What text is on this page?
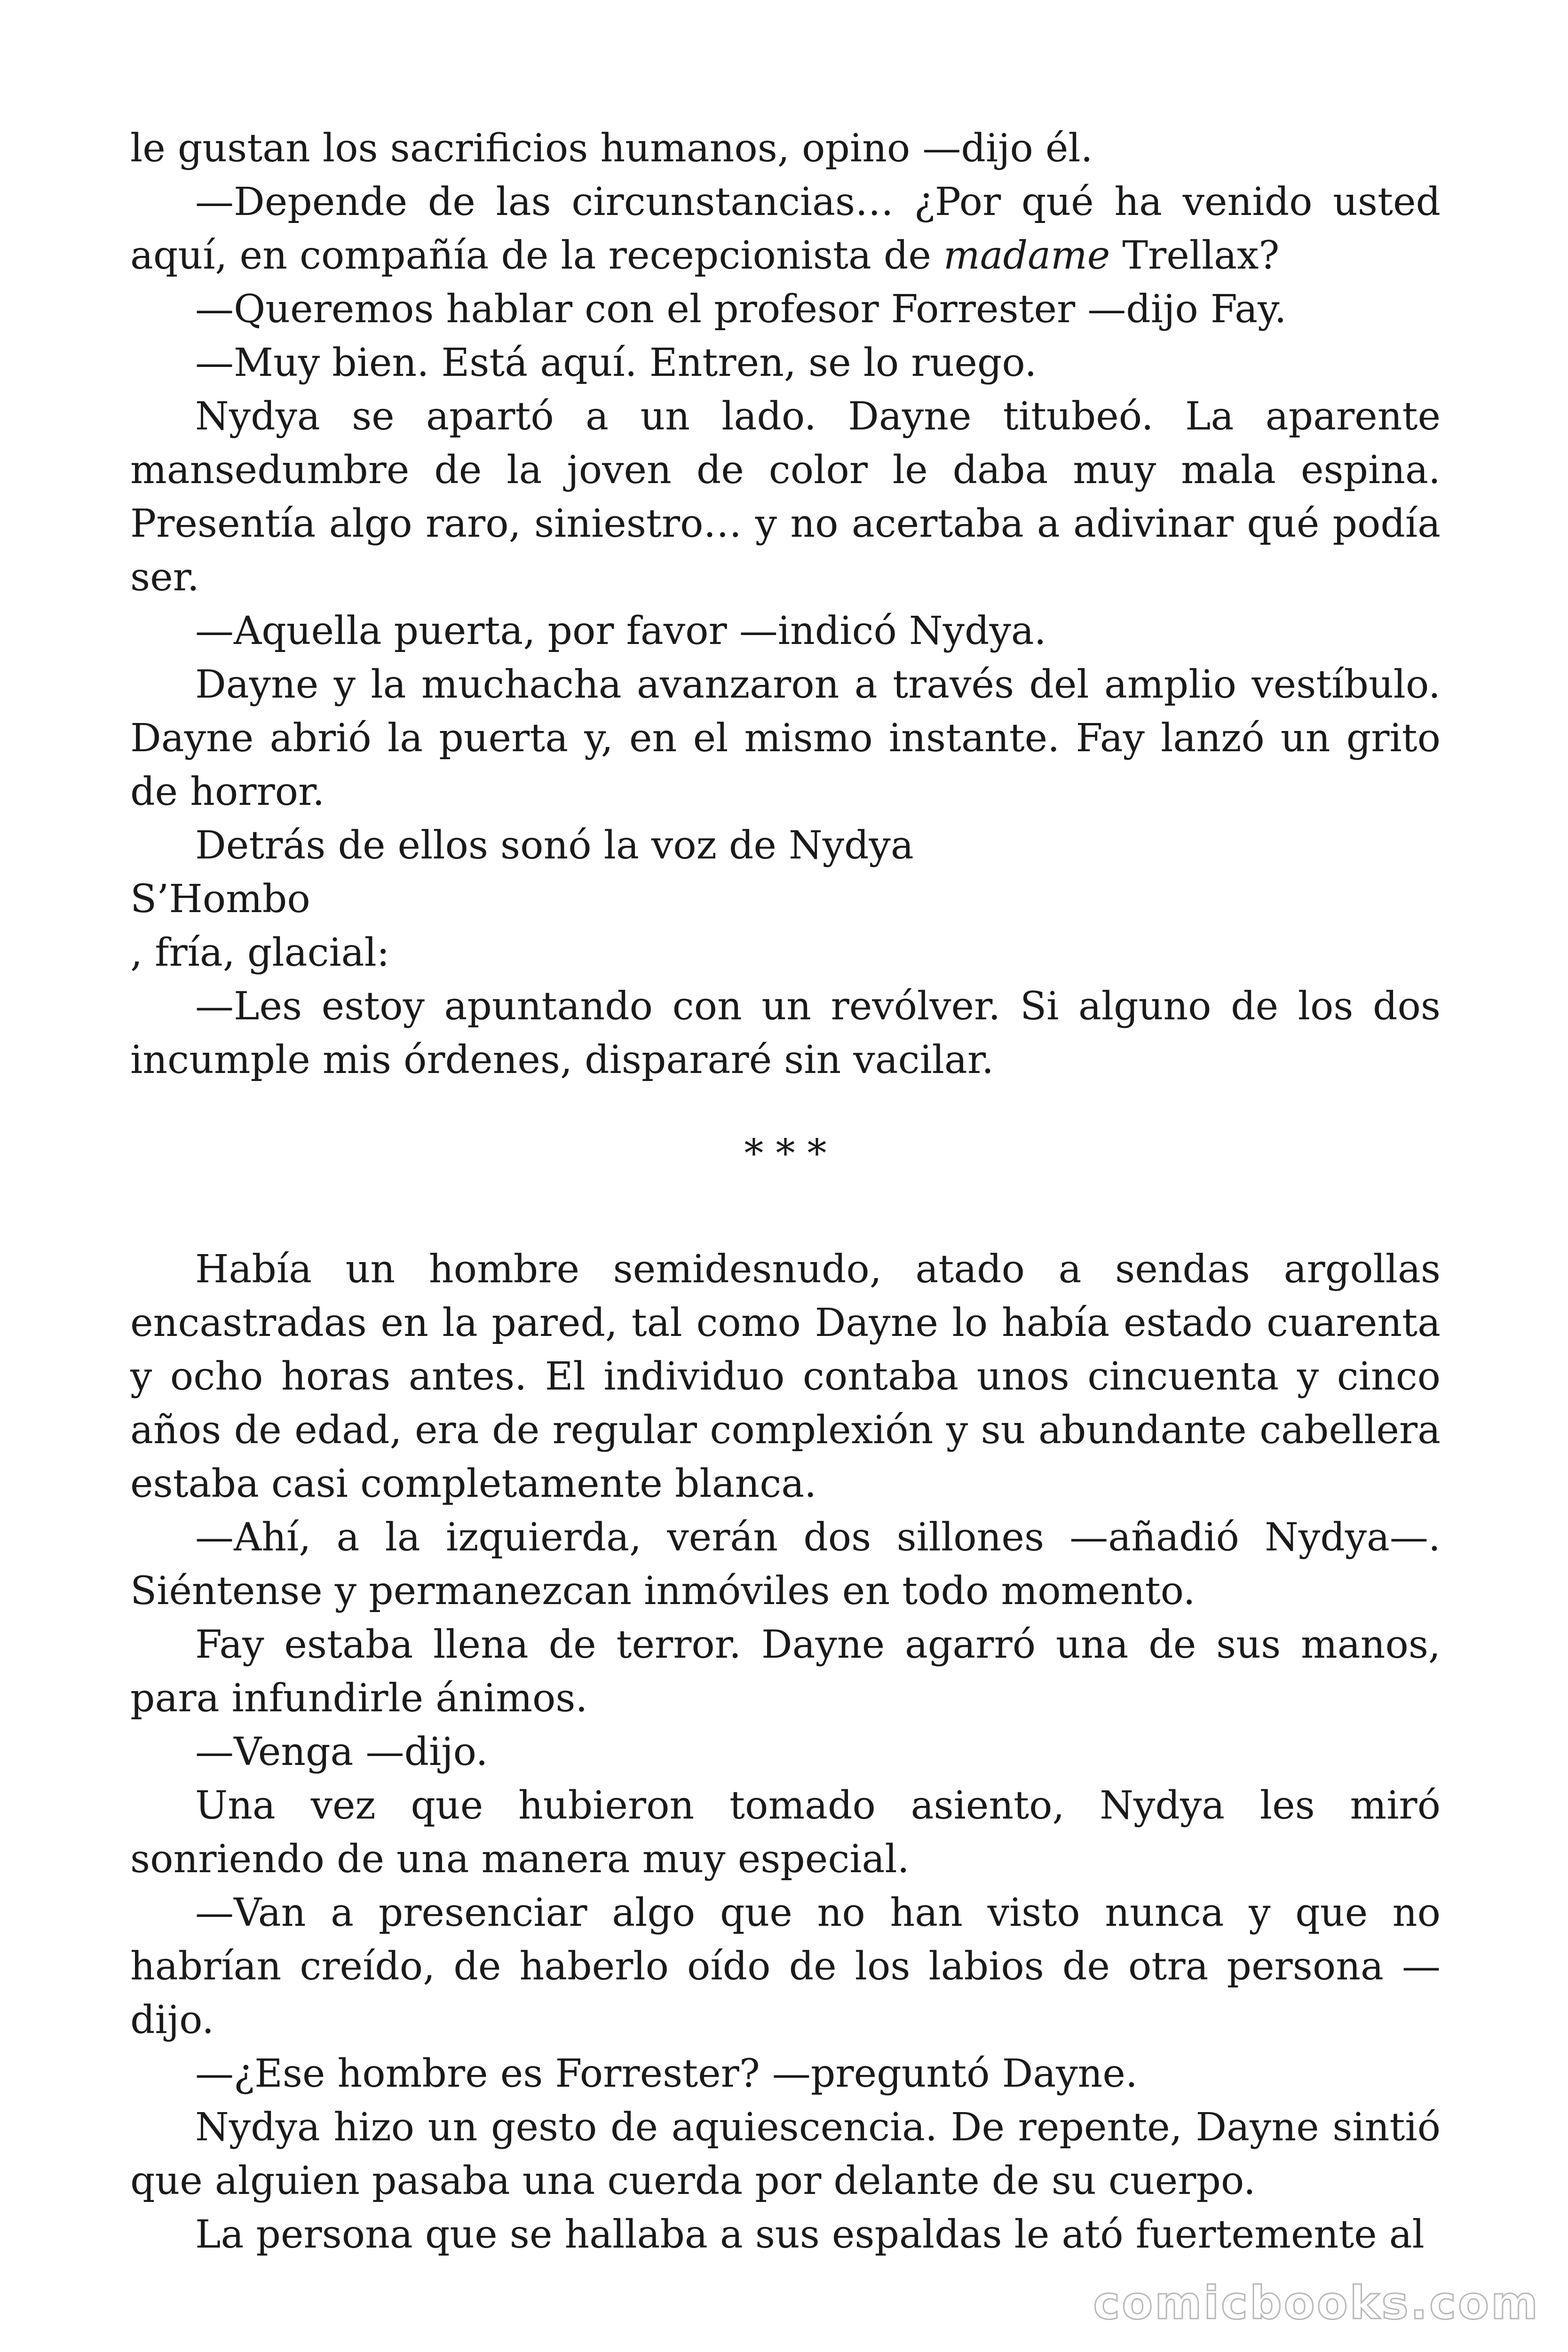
le gustan los sacrificios humanos, opino —dijo él.

—Depende de las circunstancias… ¿Por qué ha venido usted aquí, en compañía de la recepcionista de madame Trellax?

—Queremos hablar con el profesor Forrester —dijo Fay.

—Muy bien. Está aquí. Entren, se lo ruego.

Nydya se apartó a un lado. Dayne titubeó. La aparente mansedumbre de la joven de color le daba muy mala espina. Presentía algo raro, siniestro… y no acertaba a adivinar qué podía ser.

—Aquella puerta, por favor —indicó Nydya.

Dayne y la muchacha avanzaron a través del amplio vestíbulo. Dayne abrió la puerta y, en el mismo instante. Fay lanzó un grito de horror.

Detrás de ellos sonó la voz de Nydya

S’Hombo

, fría, glacial:

—Les estoy apuntando con un revólver. Si alguno de los dos incumple mis órdenes, dispararé sin vacilar.

* * *

Había un hombre semidesnudo, atado a sendas argollas encastradas en la pared, tal como Dayne lo había estado cuarenta y ocho horas antes. El individuo contaba unos cincuenta y cinco años de edad, era de regular complexión y su abundante cabellera estaba casi completamente blanca.

—Ahí, a la izquierda, verán dos sillones —añadió Nydya—. Siéntense y permanezcan inmóviles en todo momento.

Fay estaba llena de terror. Dayne agarró una de sus manos, para infundirle ánimos.

—Venga —dijo.

Una vez que hubieron tomado asiento, Nydya les miró sonriendo de una manera muy especial.

—Van a presenciar algo que no han visto nunca y que no habrían creído, de haberlo oído de los labios de otra persona —dijo.

—¿Ese hombre es Forrester? —preguntó Dayne.

Nydya hizo un gesto de aquiescencia. De repente, Dayne sintió que alguien pasaba una cuerda por delante de su cuerpo.

La persona que se hallaba a sus espaldas le ató fuertemente al

comicbooks.com
